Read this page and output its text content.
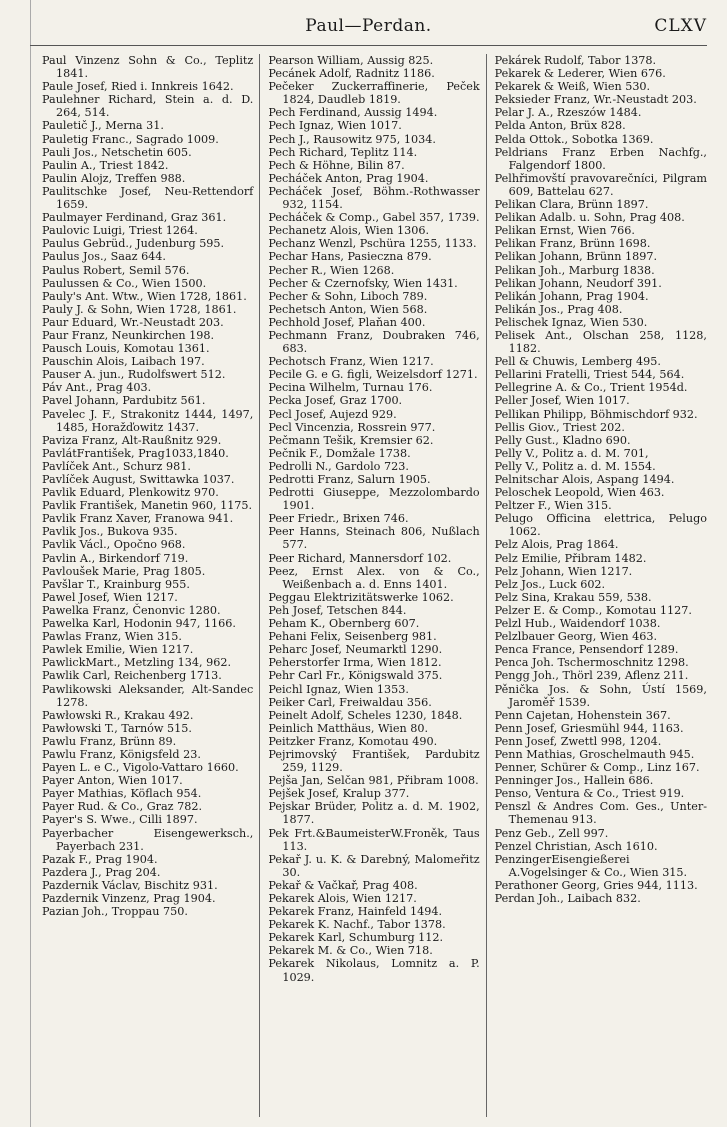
Paul—Perdan.	CLXV
Paul Vinzenz Sohn & Co., Teplitz 1841.
Paule Josef, Ried i. Innkreis 1642.
Paulehner Richard, Stein a. d. D. 264, 514.
Pauletič J., Merna 31.
Pauletig Franc., Sagrado 1009.
Pauli Jos., Netschetin 605.
Paulin A., Triest 1842.
Paulin Alojz, Treffen 988.
Paulitschke Josef, Neu-Rettendorf 1659.
Paulmayer Ferdinand, Graz 361.
Paulovic Luigi, Triest 1264.
Paulus Gebrüd., Judenburg 595.
Paulus Jos., Saaz 644.
Paulus Robert, Semil 576.
Paulussen & Co., Wien 1500.
Pauly's Ant. Wtw., Wien 1728, 1861.
Pauly J. & Sohn, Wien 1728, 1861.
Paur Eduard, Wr.-Neustadt 203.
Paur Franz, Neunkirchen 198.
Pausch Louis, Komotau 1361.
Pauschin Alois, Laibach 197.
Pauser A. jun., Rudolfswert 512.
Páv Ant., Prag 403.
Pavel Johann, Pardubitz 561.
Pavelec J. F., Strakonitz 1444, 1497, 1485, Horažďowitz 1437.
Paviza Franz, Alt-Raußnitz 929.
PavlátFrantišek, Prag1033,1840.
Pavlíček Ant., Schurz 981.
Pavlíček August, Swittawka 1037.
Pavlik Eduard, Plenkowitz 970.
Pavlik František, Manetin 960, 1175.
Pavlik Franz Xaver, Franowa 941.
Pavlik Jos., Bukova 935.
Pavlik Václ., Opočno 968.
Pavlin A., Birkendorf 719.
Pavloušek Marie, Prag 1805.
Pavšlar T., Krainburg 955.
Pawel Josef, Wien 1217.
Pawelka Franz, Čenonvic 1280.
Pawelka Karl, Hodonin 947, 1166.
Pawlas Franz, Wien 315.
Pawlek Emilie, Wien 1217.
PawlickMart., Metzling 134, 962.
Pawlik Carl, Reichenberg 1713.
Pawlikowski Aleksander, Alt-Sandec 1278.
Pawłowski R., Krakau 492.
Pawłowski T., Tarnów 515.
Pawlu Franz, Brünn 89.
Pawlu Franz, Königsfeld 23.
Payen L. e C., Vigolo-Vattaro 1660.
Payer Anton, Wien 1017.
Payer Mathias, Köflach 954.
Payer Rud. & Co., Graz 782.
Payer's S. Wwe., Cilli 1897.
Payerbacher Eisengewerksch., Payerbach 231.
Pazak F., Prag 1904.
Pazdera J., Prag 204.
Pazdernik Václav, Bischitz 931.
Pazdernik Vinzenz, Prag 1904.
Pazian Joh., Troppau 750.
Pearson William, Aussig 825.
Pecánek Adolf, Radnitz 1186.
Pečeker Zuckerraffinerie, Peček 1824, Daudleb 1819.
Pech Ferdinand, Aussig 1494.
Pech Ignaz, Wien 1017.
Pech J., Rausowitz 975, 1034.
Pech Richard, Teplitz 114.
Pech & Höhne, Bilin 87.
Pecháček Anton, Prag 1904.
Pecháček Josef, Böhm.-Rothwasser 932, 1154.
Pecháček & Comp., Gabel 357, 1739.
Pechanetz Alois, Wien 1306.
Pechanz Wenzl, Pschüra 1255, 1133.
Pechar Hans, Pasieczna 879.
Pecher R., Wien 1268.
Pecher & Czernofsky, Wien 1431.
Pecher & Sohn, Liboch 789.
Pechetsch Anton, Wien 568.
Pechhold Josef, Plaňan 400.
Pechmann Franz, Doubraken 746, 683.
Pechotsch Franz, Wien 1217.
Pecile G. e G. figli, Weizelsdorf 1271.
Pecina Wilhelm, Turnau 176.
Pecka Josef, Graz 1700.
Pecl Josef, Aujezd 929.
Pecl Vincenzia, Rossrein 977.
Pečmann Tešik, Kremsier 62.
Pečnik F., Domžale 1738.
Pedrolli N., Gardolo 723.
Pedrotti Franz, Salurn 1905.
Pedrotti Giuseppe, Mezzolombardo 1901.
Peer Friedr., Brixen 746.
Peer Hanns, Steinach 806, Nußlach 577.
Peer Richard, Mannersdorf 102.
Peez, Ernst Alex. von & Co., Weißenbach a. d. Enns 1401.
Peggau Elektrizitätswerke 1062.
Peh Josef, Tetschen 844.
Peham K., Obernberg 607.
Pehani Felix, Seisenberg 981.
Peharc Josef, Neumarktl 1290.
Peherstorfer Irma, Wien 1812.
Pehr Carl Fr., Königswald 375.
Peichl Ignaz, Wien 1353.
Peiker Carl, Freiwaldau 356.
Peinelt Adolf, Scheles 1230, 1848.
Peinlich Matthäus, Wien 80.
Peitzker Franz, Komotau 490.
Pejrimovský František, Pardubitz 259, 1129.
Pejša Jan, Selčan 981, Přibram 1008.
Pejšek Josef, Kralup 377.
Pejskar Brüder, Politz a. d. M. 1902, 1877.
Pek Frt.&BaumeisterW.Froněk, Taus 113.
Pekař J. u. K. & Darebný, Malomeřitz 30.
Pekař & Vačkař, Prag 408.
Pekarek Alois, Wien 1217.
Pekarek Franz, Hainfeld 1494.
Pekarek K. Nachf., Tabor 1378.
Pekarek Karl, Schumburg 112.
Pekarek M. & Co., Wien 718.
Pekarek Nikolaus, Lomnitz a. P. 1029.
Pekárek Rudolf, Tabor 1378.
Pekarek & Lederer, Wien 676.
Pekarek & Weiß, Wien 530.
Peksieder Franz, Wr.-Neustadt 203.
Pelar J. A., Rzeszów 1484.
Pelda Anton, Brüx 828.
Pelda Ottok., Sobotka 1369.
Peldrians Franz Erben Nachfg., Falgendorf 1800.
Pelhřimovští pravovarečníci, Pilgram 609, Battelau 627.
Pelikan Clara, Brünn 1897.
Pelikan Adalb. u. Sohn, Prag 408.
Pelikan Ernst, Wien 766.
Pelikan Franz, Brünn 1698.
Pelikan Johann, Brünn 1897.
Pelikan Joh., Marburg 1838.
Pelikan Johann, Neudorf 391.
Pelikán Johann, Prag 1904.
Pelikán Jos., Prag 408.
Pelischek Ignaz, Wien 530.
Pelisek Ant., Olschan 258, 1128, 1182.
Pell & Chuwis, Lemberg 495.
Pellarini Fratelli, Triest 544, 564.
Pellegrine A. & Co., Trient 1954d.
Peller Josef, Wien 1017.
Pellikan Philipp, Böhmischdorf 932.
Pellis Giov., Triest 202.
Pelly Gust., Kladno 690.
Pelly V., Politz a. d. M. 701,
Pelly V., Politz a. d. M. 1554.
Pelnitschar Alois, Aspang 1494.
Peloschek Leopold, Wien 463.
Peltzer F., Wien 315.
Pelugo Officina elettrica, Pelugo 1062.
Pelz Alois, Prag 1864.
Pelz Emilie, Přibram 1482.
Pelz Johann, Wien 1217.
Pelz Jos., Luck 602.
Pelz Sina, Krakau 559, 538.
Pelzer E. & Comp., Komotau 1127.
Pelzl Hub., Waidendorf 1038.
Pelzlbauer Georg, Wien 463.
Penca France, Pensendorf 1289.
Penca Joh. Tschermoschnitz 1298.
Pengg Joh., Thörl 239, Aflenz 211.
Pěnička Jos. & Sohn, Ústí 1569, Jaroměř 1539.
Penn Cajetan, Hohenstein 367.
Penn Josef, Griesmühl 944, 1163.
Penn Josef, Zwettl 998, 1204.
Penn Mathias, Groschelmauth 945.
Penner, Schürer & Comp., Linz 167.
Penninger Jos., Hallein 686.
Penso, Ventura & Co., Triest 919.
Penszl & Andres Com. Ges., Unter-Themenau 913.
Penz Geb., Zell 997.
Penzel Christian, Asch 1610.
PenzingerEisengießerei A.Vogelsinger & Co., Wien 315.
Perathoner Georg, Gries 944, 1113.
Perdan Joh., Laibach 832.
